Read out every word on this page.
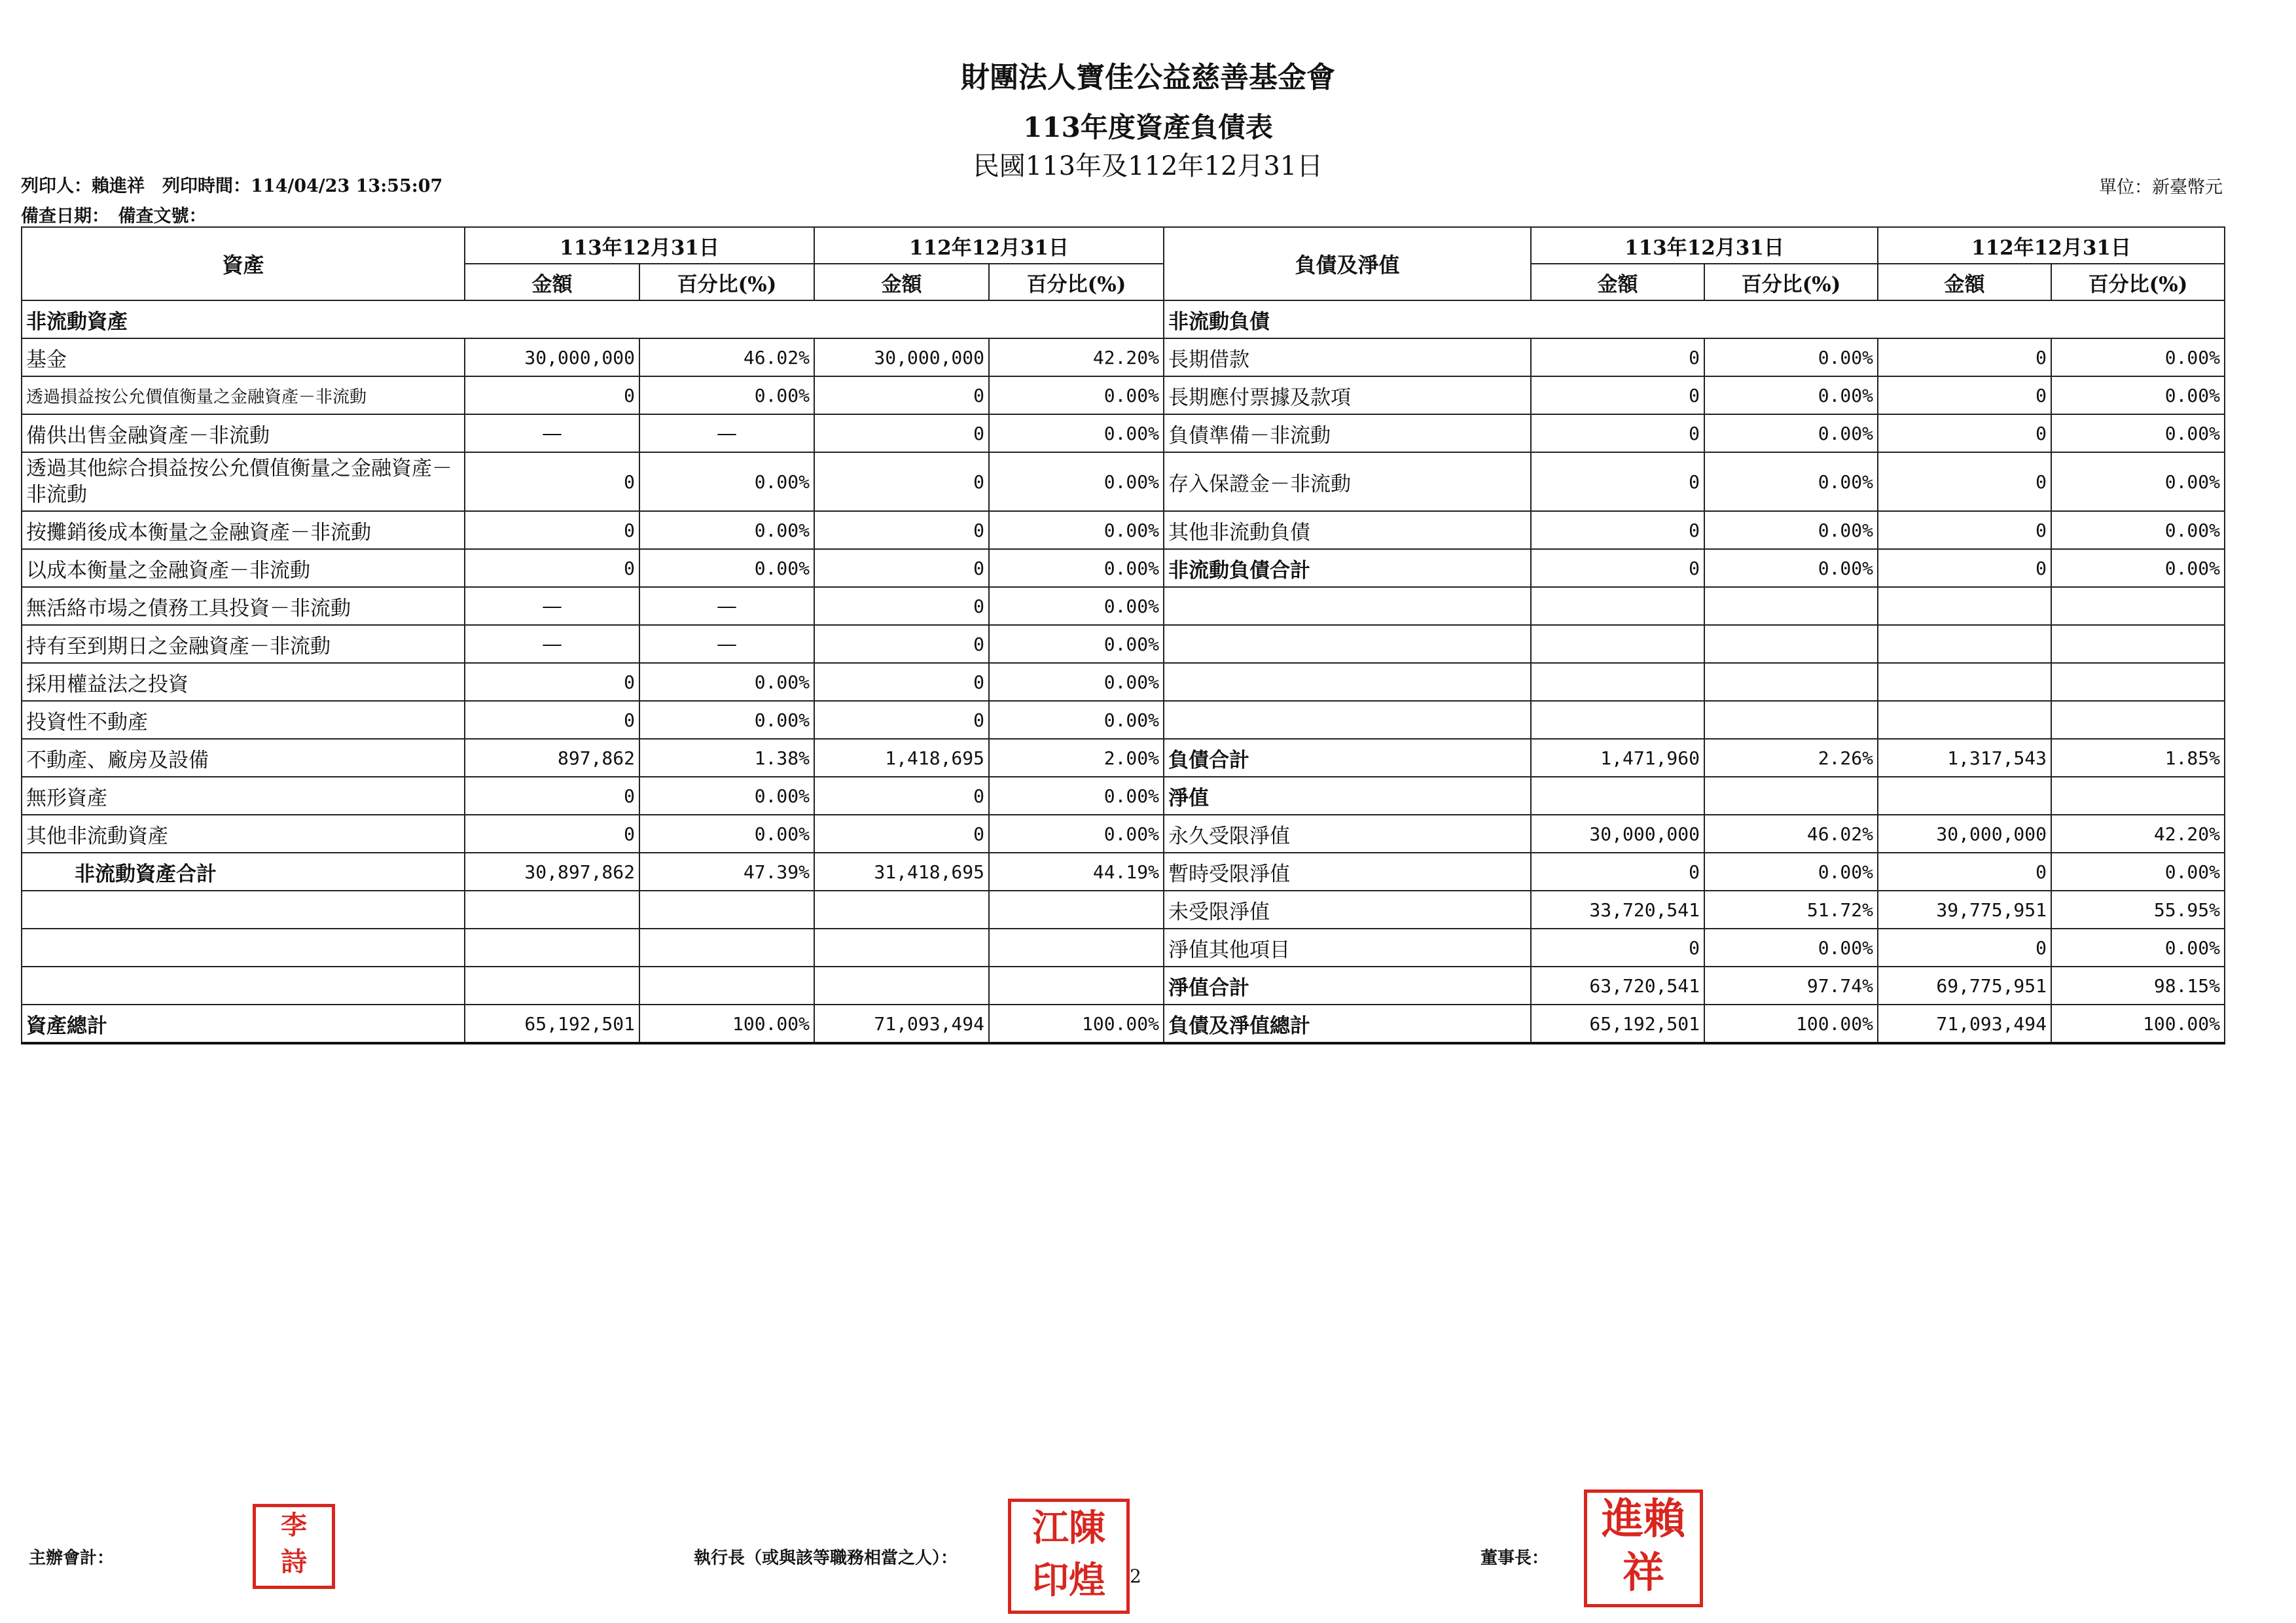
財團法人寶佳公益慈善基金會
113年度資產負債表
民國113年及112年12月31日
列印人：賴進祥　列印時間：114/04/23 13:55:07
備查日期：　備查文號：
單位：新臺幣元
資產	113年12月31日		112年12月31日		負債及淨值	113年12月31日		112年12月31日	
	金額	百分比(%)	金額	百分比(%)		金額	百分比(%)	金額	百分比(%)
非流動資產					非流動負債				
基金	30,000,000	46.02%	30,000,000	42.20%	長期借款	0	0.00%	0	0.00%
透過損益按公允價值衡量之金融資產－非流動	0	0.00%	0	0.00%	長期應付票據及款項	0	0.00%	0	0.00%
備供出售金融資產－非流動	—	—	0	0.00%	負債準備－非流動	0	0.00%	0	0.00%
透過其他綜合損益按公允價值衡量之金融資產－非流動	0	0.00%	0	0.00%	存入保證金－非流動	0	0.00%	0	0.00%
按攤銷後成本衡量之金融資產－非流動	0	0.00%	0	0.00%	其他非流動負債	0	0.00%	0	0.00%
以成本衡量之金融資產－非流動	0	0.00%	0	0.00%	非流動負債合計	0	0.00%	0	0.00%
無活絡市場之債務工具投資－非流動	—	—	0	0.00%					
持有至到期日之金融資產－非流動	—	—	0	0.00%					
採用權益法之投資	0	0.00%	0	0.00%					
投資性不動產	0	0.00%	0	0.00%					
不動產、廠房及設備	897,862	1.38%	1,418,695	2.00%	負債合計	1,471,960	2.26%	1,317,543	1.85%
無形資產	0	0.00%	0	0.00%	淨值				
其他非流動資產	0	0.00%	0	0.00%	永久受限淨值	30,000,000	46.02%	30,000,000	42.20%
非流動資產合計	30,897,862	47.39%	31,418,695	44.19%	暫時受限淨值	0	0.00%	0	0.00%
					未受限淨值	33,720,541	51.72%	39,775,951	55.95%
					淨值其他項目	0	0.00%	0	0.00%
					淨值合計	63,720,541	97.74%	69,775,951	98.15%
資產總計	65,192,501	100.00%	71,093,494	100.00%	負債及淨值總計	65,192,501	100.00%	71,093,494	100.00%
主辦會計：	執行長（或與該等職務相當之人）：	董事長：
李
詩
江陳
印煌	2
進賴
祥
